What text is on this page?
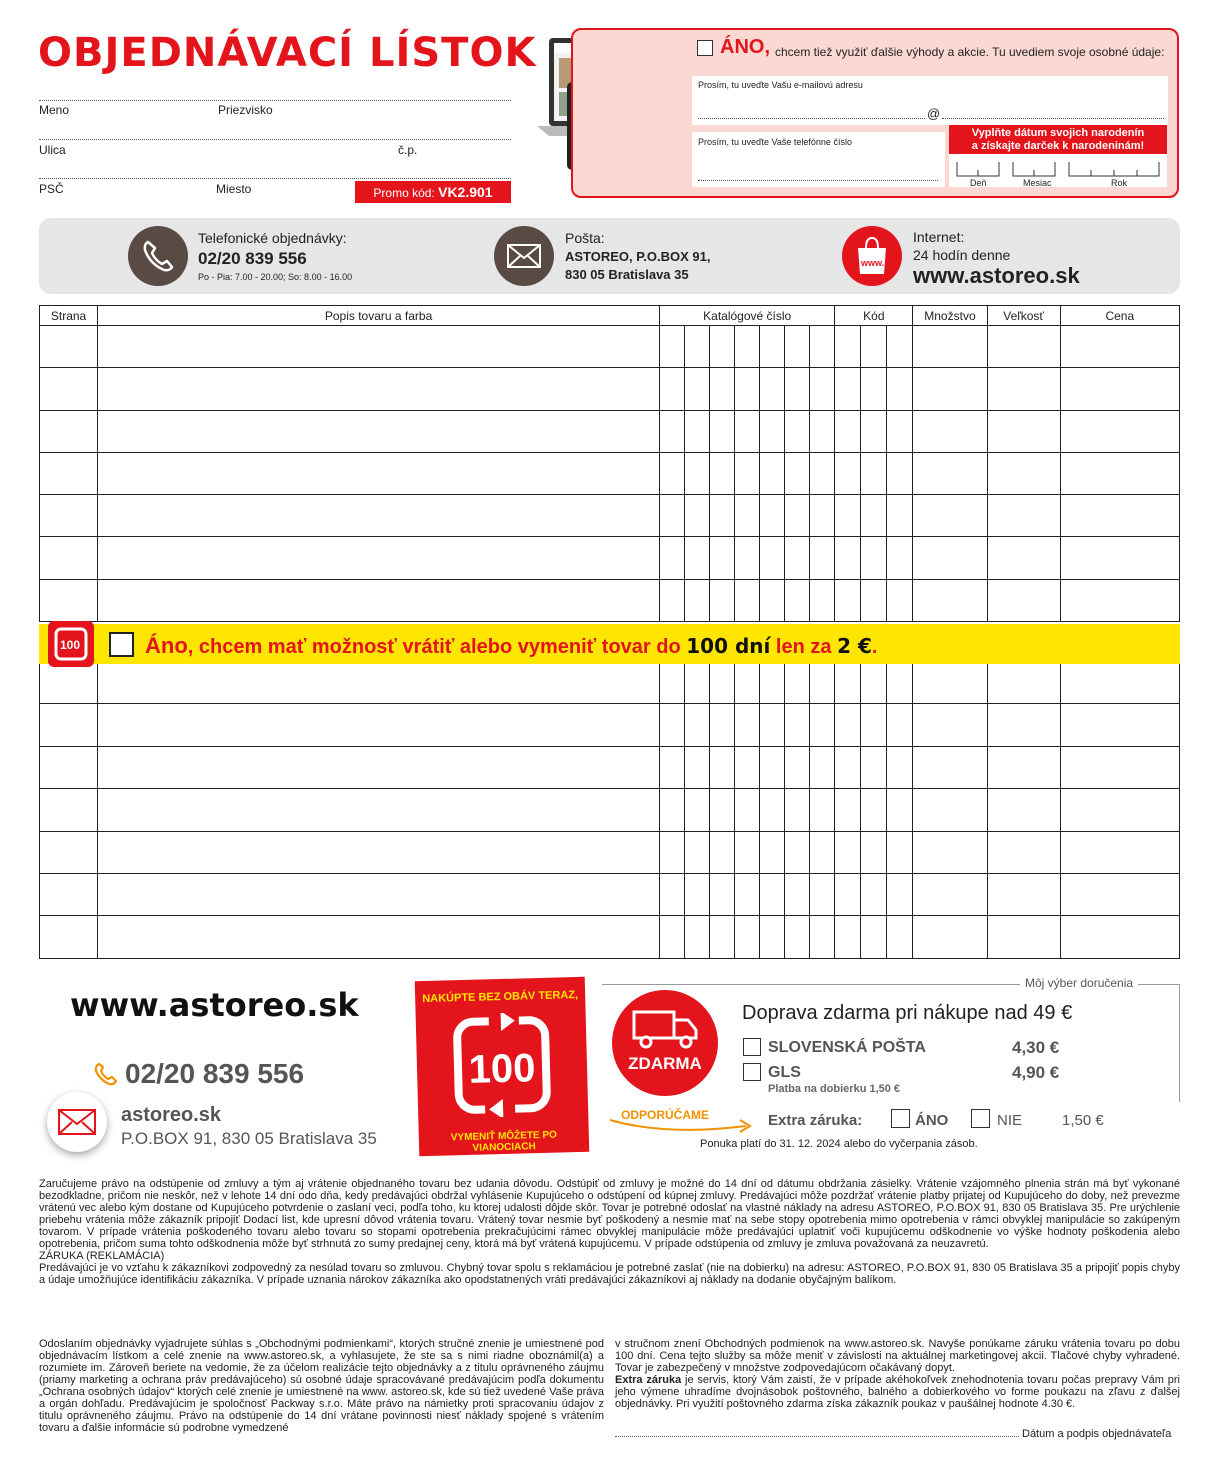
OBJEDNÁVACÍ LÍSTOK
Meno	Priezvisko
Ulica	č.p.
PSČ	Miesto	Promo kód: VK2.901
ÁNO, chcem tiež využiť ďalšie výhody a akcie. Tu uvediem svoje osobné údaje:
Prosím, tu uveďte Vašu e-mailovú adresu
@
Prosím, tu uveďte Vaše telefónne číslo
Vyplňte dátum svojich narodenín
a získajte darček k narodeninám!
Deň	Mesiac	Rok
Telefonické objednávky:
02/20 839 556
Po - Pia: 7.00 - 20.00; So: 8.00 - 16.00
Pošta:
ASTOREO, P.O.BOX 91,
830 05 Bratislava 35
www.
Internet:
24 hodín denne
www.astoreo.sk
Strana	Popis tovaru a farba	Katalógové číslo							Kód			Množstvo	Veľkosť	Cena

100	Áno, chcem mať možnosť vrátiť alebo vymeniť tovar do 100 dní len za 2 €.
www.astoreo.sk
02/20 839 556
astoreo.sk
P.O.BOX 91, 830 05 Bratislava 35
NAKÚPTE BEZ OBÁV TERAZ,
100
VYMENIŤ MÔŽETE PO VIANOCIACH
Môj výber doručenia
ZDARMA
Doprava zdarma pri nákupe nad 49 €
SLOVENSKÁ POŠTA	4,30 €
GLS	4,90 €
Platba na dobierku 1,50 €
ODPORÚČAME	Extra záruka:	ÁNO	NIE	1,50 €
Ponuka platí do 31. 12. 2024 alebo do vyčerpania zásob.
Zaručujeme právo na odstúpenie od zmluvy a tým aj vrátenie objednaného tovaru bez udania dôvodu. Odstúpiť od zmluvy je možné do 14 dní od dátumu obdržania zásielky. Vrátenie vzájomného plnenia strán má byť vykonané bezodkladne, pričom nie neskôr, než v lehote 14 dní odo dňa, kedy predávajúci obdržal vyhlásenie Kupujúceho o odstúpení od kúpnej zmluvy. Predávajúci môže pozdržať vrátenie platby prijatej od Kupujúceho do doby, než prevezme vrátenú vec alebo kým dostane od Kupujúceho potvrdenie o zaslaní veci, podľa toho, ku ktorej udalosti dôjde skôr. Tovar je potrebné odoslať na vlastné náklady na adresu ASTOREO, P.O.BOX 91, 830 05 Bratislava 35. Pre urýchlenie priebehu vrátenia môže zákazník pripojiť Dodací list, kde upresní dôvod vrátenia tovaru. Vrátený tovar nesmie byť poškodený a nesmie mať na sebe stopy opotrebenia mimo opotrebenia v rámci obvyklej manipulácie so zakúpeným tovarom. V prípade vrátenia poškodeného tovaru alebo tovaru so stopami opotrebenia prekračujúcimi rámec obvyklej manipulácie môže predávajúci uplatniť voči kupujúcemu odškodnenie vo výške hodnoty poškodenia alebo opotrebenia, pričom suma tohto odškodnenia môže byť strhnutá zo sumy predajnej ceny, ktorá má byť vrátená kupujúcemu. V prípade odstúpenia od zmluvy je zmluva považovaná za neuzavretú.
ZÁRUKA (REKLAMÁCIA)
Predávajúci je vo vzťahu k zákazníkovi zodpovedný za nesúlad tovaru so zmluvou. Chybný tovar spolu s reklamáciou je potrebné zaslať (nie na dobierku) na adresu: ASTOREO, P.O.BOX 91, 830 05 Bratislava 35 a pripojiť popis chyby a údaje umožňujúce identifikáciu zákazníka. V prípade uznania nárokov zákazníka ako opodstatnených vráti predávajúci zákazníkovi aj náklady na dodanie obyčajným balíkom.
Odoslaním objednávky vyjadrujete súhlas s „Obchodnými podmienkami“, ktorých stručné znenie je umiestnené pod objednávacím lístkom a celé znenie na www.astoreo.sk, a vyhlasujete, že ste sa s nimi riadne oboznámil(a) a rozumiete im. Zároveň beriete na vedomie, že za účelom realizácie tejto objednávky a z titulu oprávneného záujmu (priamy marketing a ochrana práv predávajúceho) sú osobné údaje spracovávané predávajúcim podľa dokumentu „Ochrana osobných údajov“ ktorých celé znenie je umiestnené na www. astoreo.sk, kde sú tiež uvedené Vaše práva a orgán dohľadu. Predávajúcim je spoločnosť Packway s.r.o. Máte právo na námietky proti spracovaniu údajov z titulu oprávneného záujmu. Právo na odstúpenie do 14 dní vrátane povinnosti niesť náklady spojené s vrátením tovaru a ďalšie informácie sú podrobne vymedzené
v stručnom znení Obchodných podmienok na www.astoreo.sk. Navyše ponúkame záruku vrátenia tovaru po dobu 100 dní. Cena tejto služby sa môže meniť v závislosti na aktuálnej marketingovej akcii. Tlačové chyby vyhradené. Tovar je zabezpečený v množstve zodpovedajúcom očakávaný dopyt.
Extra záruka je servis, ktorý Vám zaistí, že v prípade akéhokoľvek znehodnotenia tovaru počas prepravy Vám pri jeho výmene uhradíme dvojnásobok poštovného, balného a dobierkového vo forme poukazu na zľavu z ďalšej objednávky. Pri využití poštovného zdarma získa zákazník poukaz v paušálnej hodnote 4.30 €.
Dátum a podpis objednávateľa
